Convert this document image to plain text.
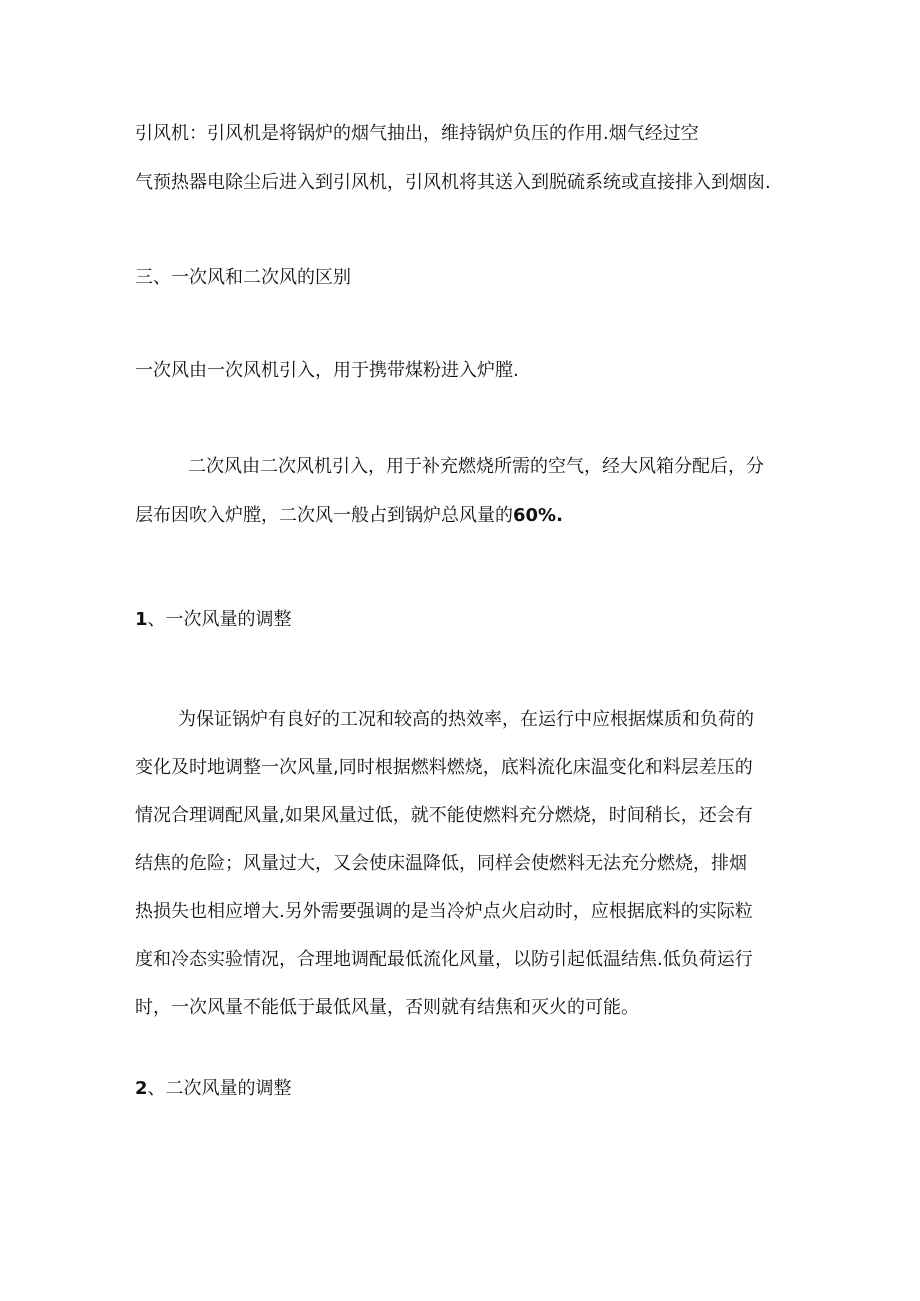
引风机：引风机是将锅炉的烟气抽出，维持锅炉负压的作用.烟气经过空
气预热器电除尘后进入到引风机，引风机将其送入到脱硫系统或直接排入到烟囱.
三、一次风和二次风的区别
一次风由一次风机引入，用于携带煤粉进入炉膛.
二次风由二次风机引入，用于补充燃烧所需的空气，经大风箱分配后，分
层布因吹入炉膛，二次风一般占到锅炉总风量的60%.
1、一次风量的调整
为保证锅炉有良好的工况和较高的热效率，在运行中应根据煤质和负荷的
变化及时地调整一次风量,同时根据燃料燃烧，底料流化床温变化和料层差压的
情况合理调配风量,如果风量过低，就不能使燃料充分燃烧，时间稍长，还会有
结焦的危险；风量过大，又会使床温降低，同样会使燃料无法充分燃烧，排烟
热损失也相应增大.另外需要强调的是当冷炉点火启动时，应根据底料的实际粒
度和冷态实验情况，合理地调配最低流化风量，以防引起低温结焦.低负荷运行
时，一次风量不能低于最低风量，否则就有结焦和灭火的可能。
2、二次风量的调整
